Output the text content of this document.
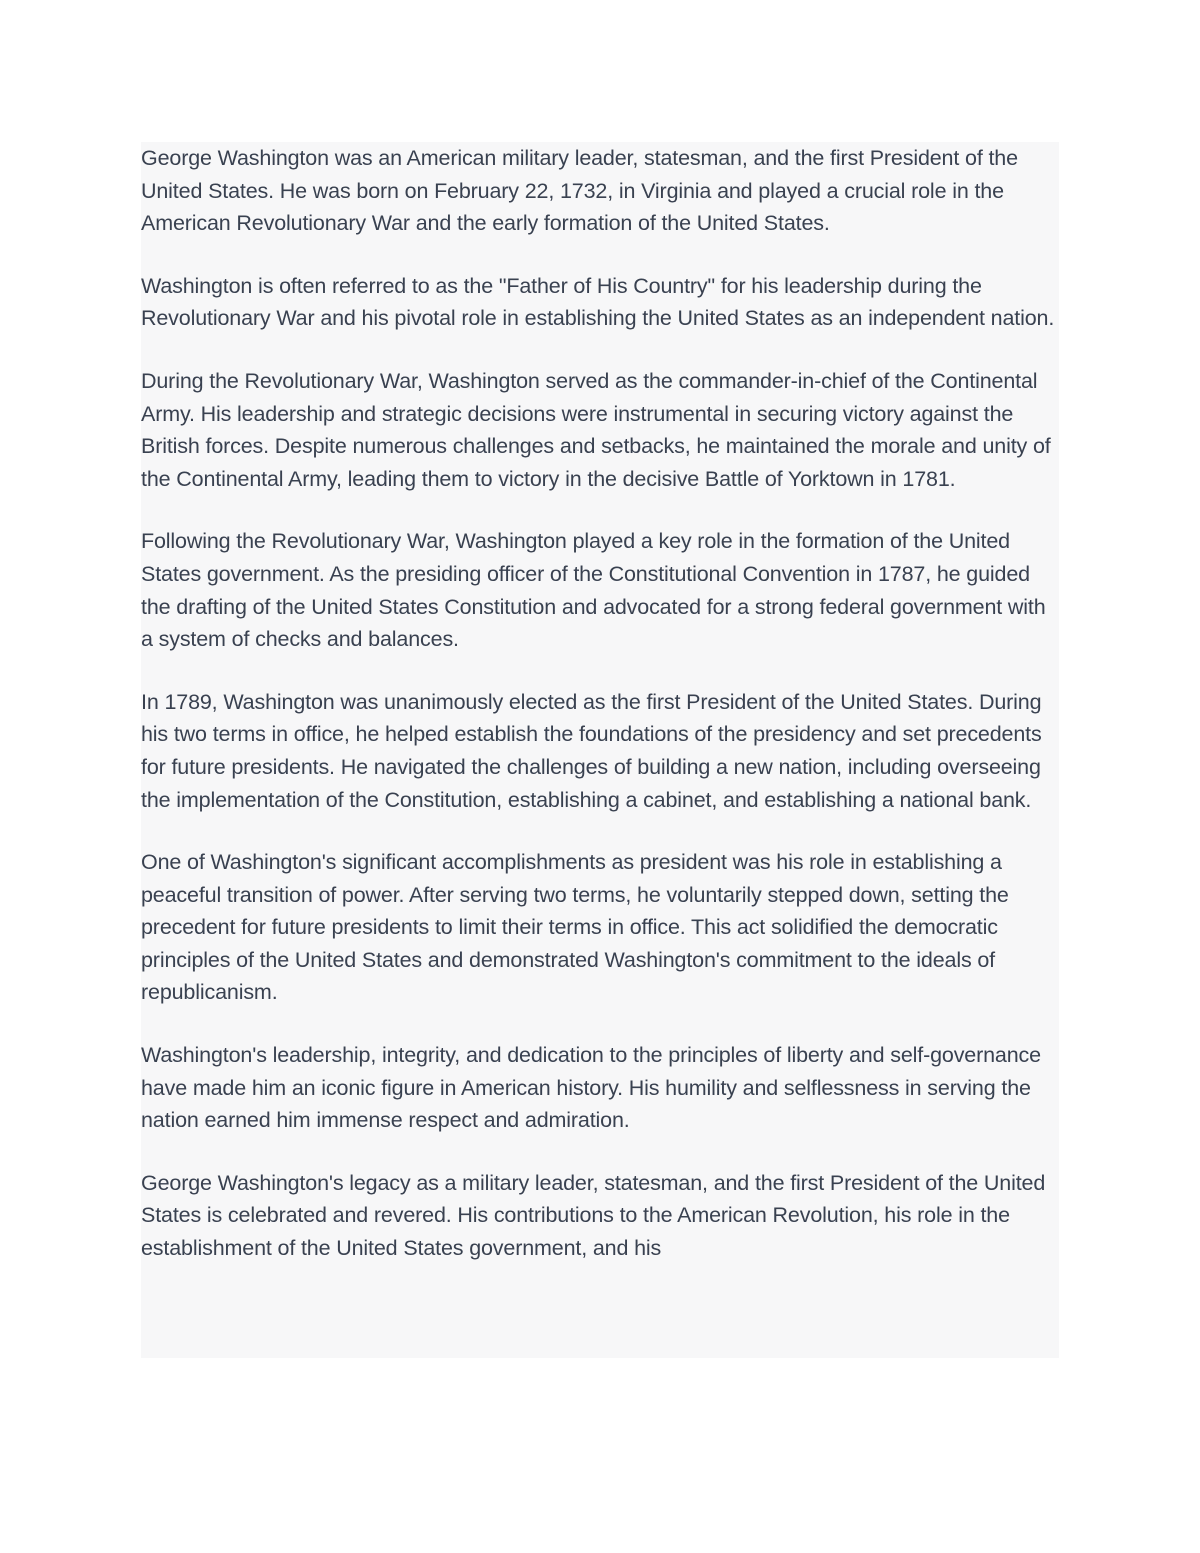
George Washington was an American military leader, statesman, and the first President of the United States. He was born on February 22, 1732, in Virginia and played a crucial role in the American Revolutionary War and the early formation of the United States.

Washington is often referred to as the "Father of His Country" for his leadership during the Revolutionary War and his pivotal role in establishing the United States as an independent nation.

During the Revolutionary War, Washington served as the commander-in-chief of the Continental Army. His leadership and strategic decisions were instrumental in securing victory against the British forces. Despite numerous challenges and setbacks, he maintained the morale and unity of the Continental Army, leading them to victory in the decisive Battle of Yorktown in 1781.

Following the Revolutionary War, Washington played a key role in the formation of the United States government. As the presiding officer of the Constitutional Convention in 1787, he guided the drafting of the United States Constitution and advocated for a strong federal government with a system of checks and balances.

In 1789, Washington was unanimously elected as the first President of the United States. During his two terms in office, he helped establish the foundations of the presidency and set precedents for future presidents. He navigated the challenges of building a new nation, including overseeing the implementation of the Constitution, establishing a cabinet, and establishing a national bank.

One of Washington's significant accomplishments as president was his role in establishing a peaceful transition of power. After serving two terms, he voluntarily stepped down, setting the precedent for future presidents to limit their terms in office. This act solidified the democratic principles of the United States and demonstrated Washington's commitment to the ideals of republicanism.

Washington's leadership, integrity, and dedication to the principles of liberty and self-governance have made him an iconic figure in American history. His humility and selflessness in serving the nation earned him immense respect and admiration.

George Washington's legacy as a military leader, statesman, and the first President of the United States is celebrated and revered. His contributions to the American Revolution, his role in the establishment of the United States government, and his
